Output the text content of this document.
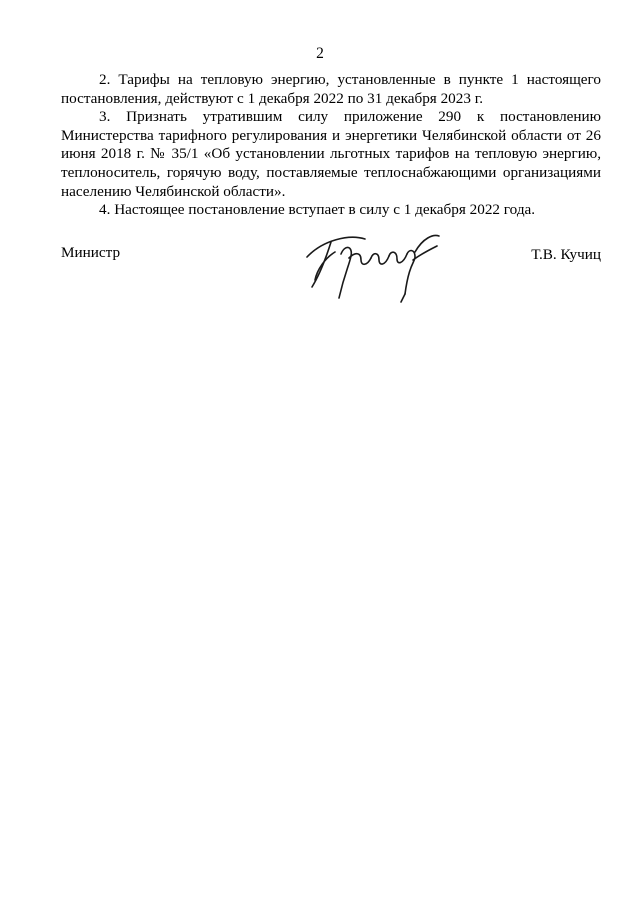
2

2. Тарифы на тепловую энергию, установленные в пункте 1 настоящего постановления, действуют с 1 декабря 2022 по 31 декабря 2023 г.

3. Признать утратившим силу приложение 290 к постановлению Министерства тарифного регулирования и энергетики Челябинской области от 26 июня 2018 г. № 35/1 «Об установлении льготных тарифов на тепловую энергию, теплоноситель, горячую воду, поставляемые теплоснабжающими организациями населению Челябинской области».

4. Настоящее постановление вступает в силу с 1 декабря 2022 года.

Министр	Т.В. Кучиц
